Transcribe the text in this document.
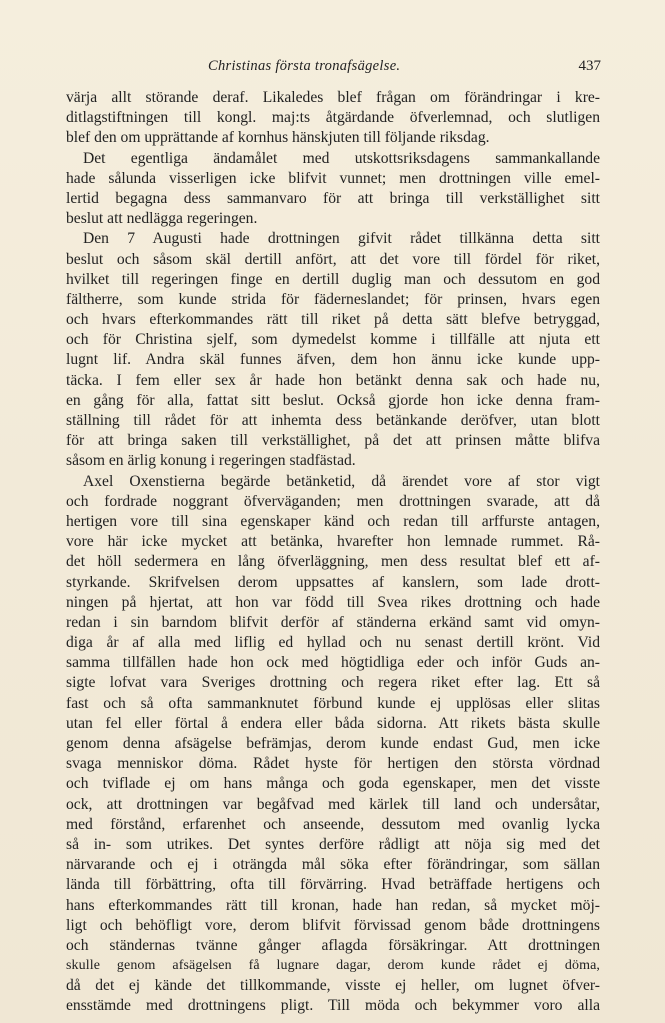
Christinas första tronafsägelse.	437
värja allt störande deraf. Likaledes blef frågan om förändringar i kre-
ditlagstiftningen till kongl. maj:ts åtgärdande öfverlemnad, och slutligen
blef den om upprättande af kornhus hänskjuten till följande riksdag.
Det egentliga ändamålet med utskottsriksdagens sammankallande
hade sålunda visserligen icke blifvit vunnet; men drottningen ville emel-
lertid begagna dess sammanvaro för att bringa till verkställighet sitt
beslut att nedlägga regeringen.
Den 7 Augusti hade drottningen gifvit rådet tillkänna detta sitt
beslut och såsom skäl dertill anfört, att det vore till fördel för riket,
hvilket till regeringen finge en dertill duglig man och dessutom en god
fältherre, som kunde strida för fäderneslandet; för prinsen, hvars egen
och hvars efterkommandes rätt till riket på detta sätt blefve betryggad,
och för Christina sjelf, som dymedelst komme i tillfälle att njuta ett
lugnt lif. Andra skäl funnes äfven, dem hon ännu icke kunde upp-
täcka. I fem eller sex år hade hon betänkt denna sak och hade nu,
en gång för alla, fattat sitt beslut. Också gjorde hon icke denna fram-
ställning till rådet för att inhemta dess betänkande deröfver, utan blott
för att bringa saken till verkställighet, på det att prinsen måtte blifva
såsom en ärlig konung i regeringen stadfästad.
Axel Oxenstierna begärde betänketid, då ärendet vore af stor vigt
och fordrade noggrant öfverväganden; men drottningen svarade, att då
hertigen vore till sina egenskaper känd och redan till arffurste antagen,
vore här icke mycket att betänka, hvarefter hon lemnade rummet. Rå-
det höll sedermera en lång öfverläggning, men dess resultat blef ett af-
styrkande. Skrifvelsen derom uppsattes af kanslern, som lade drott-
ningen på hjertat, att hon var född till Svea rikes drottning och hade
redan i sin barndom blifvit derför af ständerna erkänd samt vid omyn-
diga år af alla med liflig ed hyllad och nu senast dertill krönt. Vid
samma tillfällen hade hon ock med högtidliga eder och inför Guds an-
sigte lofvat vara Sveriges drottning och regera riket efter lag. Ett så
fast och så ofta sammanknutet förbund kunde ej upplösas eller slitas
utan fel eller förtal å endera eller båda sidorna. Att rikets bästa skulle
genom denna afsägelse befrämjas, derom kunde endast Gud, men icke
svaga menniskor döma. Rådet hyste för hertigen den största vördnad
och tviflade ej om hans många och goda egenskaper, men det visste
ock, att drottningen var begåfvad med kärlek till land och undersåtar,
med förstånd, erfarenhet och anseende, dessutom med ovanlig lycka
så in- som utrikes. Det syntes derföre rådligt att nöja sig med det
närvarande och ej i oträngda mål söka efter förändringar, som sällan
lända till förbättring, ofta till förvärring. Hvad beträffade hertigens och
hans efterkommandes rätt till kronan, hade han redan, så mycket möj-
ligt och behöfligt vore, derom blifvit förvissad genom både drottningens
och ständernas tvänne gånger aflagda försäkringar. Att drottningen
skulle genom afsägelsen få lugnare dagar, derom kunde rådet ej döma,
då det ej kände det tillkommande, visste ej heller, om lugnet öfver-
ensstämde med drottningens pligt. Till möda och bekymmer voro alla
